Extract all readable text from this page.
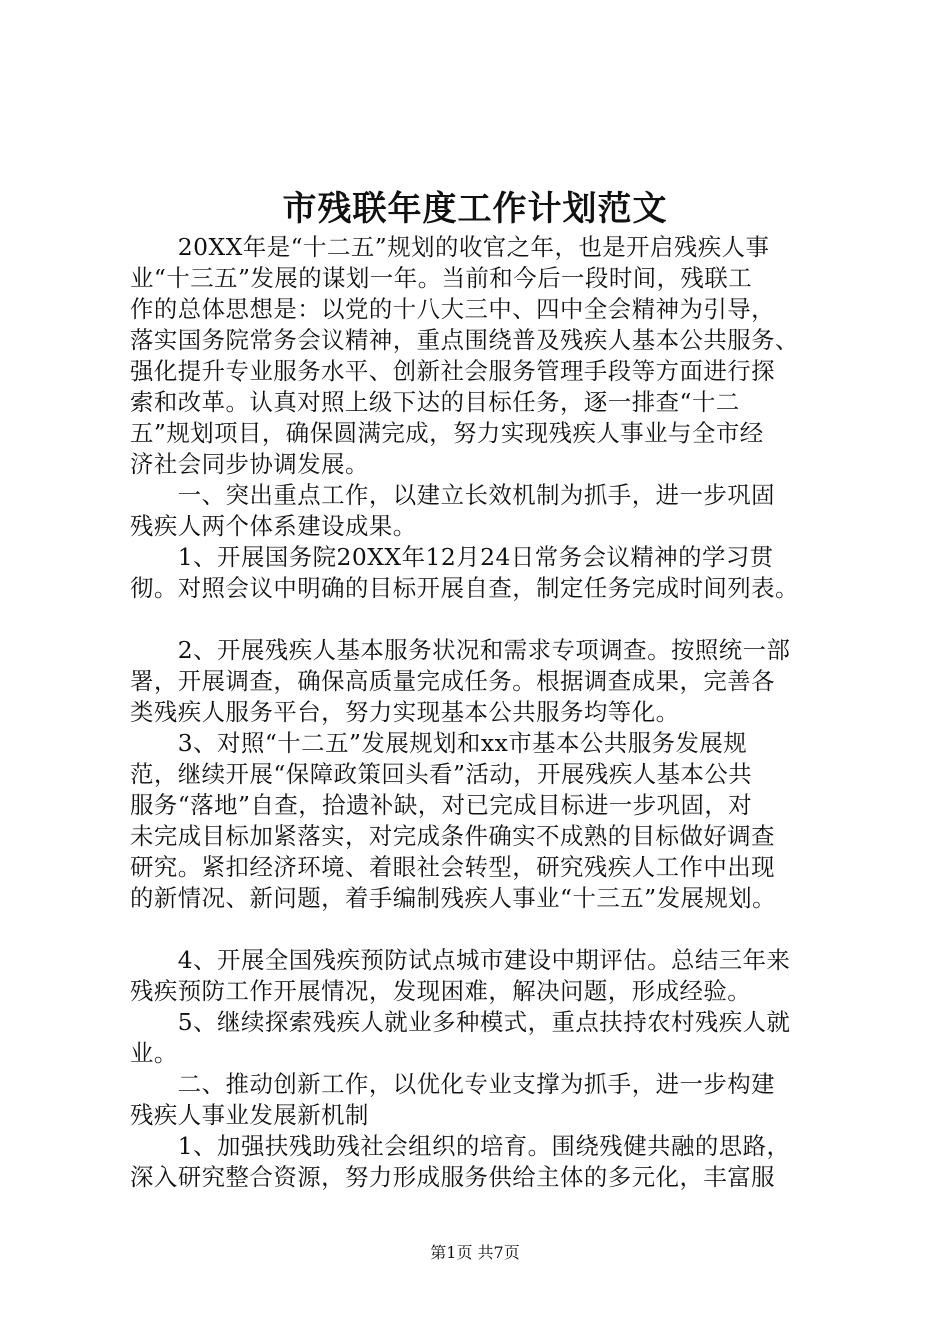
市残联年度工作计划范文
　　20XX年是“十二五”规划的收官之年，也是开启残疾人事
业“十三五”发展的谋划一年。当前和今后一段时间，残联工
作的总体思想是：以党的十八大三中、四中全会精神为引导，
落实国务院常务会议精神，重点围绕普及残疾人基本公共服务、
强化提升专业服务水平、创新社会服务管理手段等方面进行探
索和改革。认真对照上级下达的目标任务，逐一排查“十二
五”规划项目，确保圆满完成，努力实现残疾人事业与全市经
济社会同步协调发展。
　　一、突出重点工作，以建立长效机制为抓手，进一步巩固
残疾人两个体系建设成果。
　　1、开展国务院20XX年12月24日常务会议精神的学习贯
彻。对照会议中明确的目标开展自查，制定任务完成时间列表。
　　2、开展残疾人基本服务状况和需求专项调查。按照统一部
署，开展调查，确保高质量完成任务。根据调查成果，完善各
类残疾人服务平台，努力实现基本公共服务均等化。
　　3、对照“十二五”发展规划和xx市基本公共服务发展规
范，继续开展“保障政策回头看”活动，开展残疾人基本公共
服务“落地”自查，拾遗补缺，对已完成目标进一步巩固，对
未完成目标加紧落实，对完成条件确实不成熟的目标做好调查
研究。紧扣经济环境、着眼社会转型，研究残疾人工作中出现
的新情况、新问题，着手编制残疾人事业“十三五”发展规划。
　　4、开展全国残疾预防试点城市建设中期评估。总结三年来
残疾预防工作开展情况，发现困难，解决问题，形成经验。
　　5、继续探索残疾人就业多种模式，重点扶持农村残疾人就
业。
　　二、推动创新工作，以优化专业支撑为抓手，进一步构建
残疾人事业发展新机制
　　1、加强扶残助残社会组织的培育。围绕残健共融的思路，
深入研究整合资源，努力形成服务供给主体的多元化，丰富服
第1页 共7页
